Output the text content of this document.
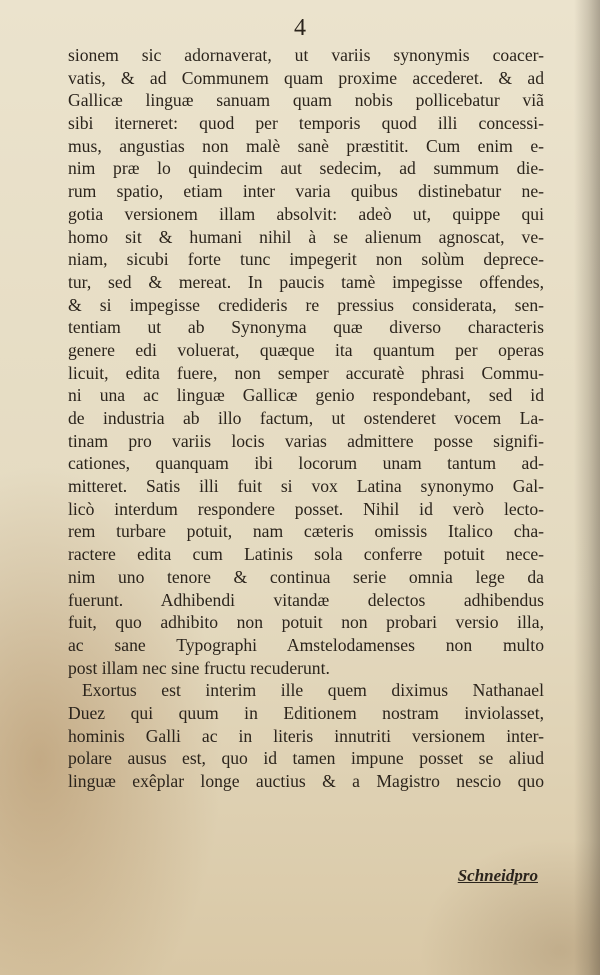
4
sionem sic adornaverat, ut variis synonymis coacer-
vatis, & ad Communem quam proxime accederet. & ad
Gallicæ linguæ sanuam quam nobis pollicebatur viã
sibi iterneret: quod per temporis quod illi concessi-
mus, angustias non malè sanè præstitit. Cum enim e-
nim præ lo quindecim aut sedecim, ad summum die-
rum spatio, etiam inter varia quibus distinebatur ne-
gotia versionem illam absolvit: adeò ut, quippe qui
homo sit & humani nihil à se alienum agnoscat, ve-
niam, sicubi forte tunc impegerit non solùm deprece-
tur, sed & mereat. In paucis tamè impegisse offendes,
& si impegisse credideris re pressius considerata, sen-
tentiam ut ab Synonyma quæ diverso characteris
genere edi voluerat, quæque ita quantum per operas
licuit, edita fuere, non semper accuratè phrasi Commu-
ni una ac linguæ Gallicæ genio respondebant, sed id
de industria ab illo factum, ut ostenderet vocem La-
tinam pro variis locis varias admittere posse signifi-
cationes, quanquam ibi locorum unam tantum ad-
mitteret. Satis illi fuit si vox Latina synonymo Gal-
licò interdum respondere posset. Nihil id verò lecto-
rem turbare potuit, nam cæteris omissis Italico cha-
ractere edita cum Latinis sola conferre potuit nece-
nim uno tenore & continua serie omnia lege da
fuerunt. Adhibendi vitandæ delectos adhibendus
fuit, quo adhibito non potuit non probari versio illa,
ac sane Typographi Amstelodamenses non multo
post illam nec sine fructu recuderunt.
Exortus est interim ille quem diximus Nathanael
Duez qui quum in Editionem nostram inviolasset,
hominis Galli ac in literis innutriti versionem inter-
polare ausus est, quo id tamen impune posset se aliud
linguæ exêplar longe auctius & a Magistro nescio quo
Schneidpro
